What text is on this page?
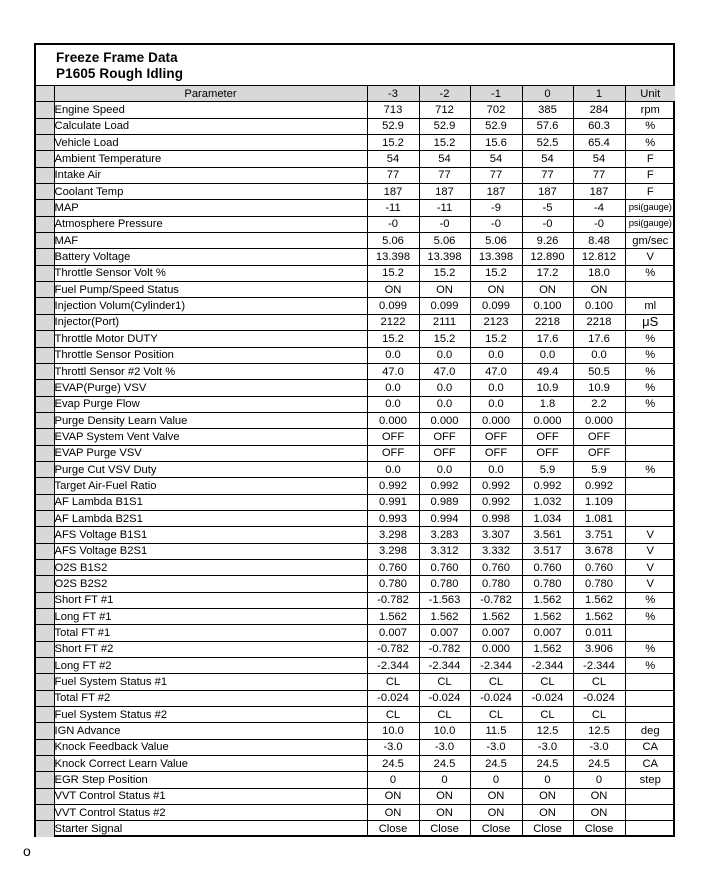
Freeze Frame Data
P1605 Rough Idling
	Parameter	-3	-2	-1	0	1	Unit
	Engine Speed	713	712	702	385	284	rpm
	Calculate Load	52.9	52.9	52.9	57.6	60.3	%
	Vehicle Load	15.2	15.2	15.6	52.5	65.4	%
	Ambient Temperature	54	54	54	54	54	F
	Intake Air	77	77	77	77	77	F
	Coolant Temp	187	187	187	187	187	F
	MAP	-11	-11	-9	-5	-4	psi(gauge)
	Atmosphere Pressure	-0	-0	-0	-0	-0	psi(gauge)
	MAF	5.06	5.06	5.06	9.26	8.48	gm/sec
	Battery Voltage	13.398	13.398	13.398	12.890	12.812	V
	Throttle Sensor Volt %	15.2	15.2	15.2	17.2	18.0	%
	Fuel Pump/Speed Status	ON	ON	ON	ON	ON	
	Injection Volum(Cylinder1)	0.099	0.099	0.099	0.100	0.100	ml
	Injector(Port)	2122	2111	2123	2218	2218	μS
	Throttle Motor DUTY	15.2	15.2	15.2	17.6	17.6	%
	Throttle Sensor Position	0.0	0.0	0.0	0.0	0.0	%
	Throttl Sensor #2 Volt %	47.0	47.0	47.0	49.4	50.5	%
	EVAP(Purge) VSV	0.0	0.0	0.0	10.9	10.9	%
	Evap Purge Flow	0.0	0.0	0.0	1.8	2.2	%
	Purge Density Learn Value	0.000	0.000	0.000	0.000	0.000	
	EVAP System Vent Valve	OFF	OFF	OFF	OFF	OFF	
	EVAP Purge VSV	OFF	OFF	OFF	OFF	OFF	
	Purge Cut VSV Duty	0.0	0.0	0.0	5.9	5.9	%
	Target Air-Fuel Ratio	0.992	0.992	0.992	0.992	0.992	
	AF Lambda B1S1	0.991	0.989	0.992	1.032	1.109	
	AF Lambda B2S1	0.993	0.994	0.998	1.034	1.081	
	AFS Voltage B1S1	3.298	3.283	3.307	3.561	3.751	V
	AFS Voltage B2S1	3.298	3.312	3.332	3.517	3.678	V
	O2S B1S2	0.760	0.760	0.760	0.760	0.760	V
	O2S B2S2	0.780	0.780	0.780	0.780	0.780	V
	Short FT #1	-0.782	-1.563	-0.782	1.562	1.562	%
	Long FT #1	1.562	1.562	1.562	1.562	1.562	%
	Total FT #1	0.007	0.007	0.007	0.007	0.011	
	Short FT #2	-0.782	-0.782	0.000	1.562	3.906	%
	Long FT #2	-2.344	-2.344	-2.344	-2.344	-2.344	%
	Fuel System Status #1	CL	CL	CL	CL	CL	
	Total FT #2	-0.024	-0.024	-0.024	-0.024	-0.024	
	Fuel System Status #2	CL	CL	CL	CL	CL	
	IGN Advance	10.0	10.0	11.5	12.5	12.5	deg
	Knock Feedback Value	-3.0	-3.0	-3.0	-3.0	-3.0	CA
	Knock Correct Learn Value	24.5	24.5	24.5	24.5	24.5	CA
	EGR Step Position	0	0	0	0	0	step
	VVT Control Status #1	ON	ON	ON	ON	ON	
	VVT Control Status #2	ON	ON	ON	ON	ON	
	Starter Signal	Close	Close	Close	Close	Close	
o
